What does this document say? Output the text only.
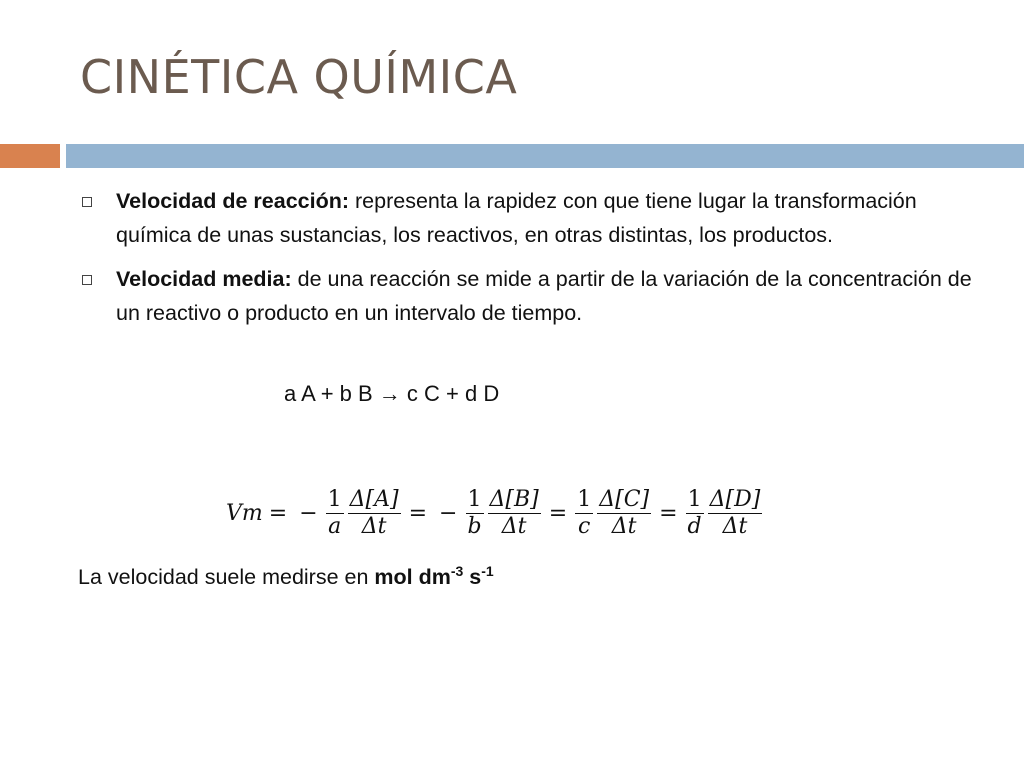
CINÉTICA QUÍMICA
Velocidad de reacción: representa la rapidez con que tiene lugar la transformación química de unas sustancias, los reactivos, en otras distintas, los productos.
Velocidad media: de una reacción se mide a partir de la variación de la concentración de un reactivo o producto en un intervalo de tiempo.
a A + b B → c C + d D
Vm = − $\frac{1}{a} \frac{\Delta[A]}{\Delta t}$ = − $\frac{1}{b} \frac{\Delta[B]}{\Delta t} = \frac{1}{c} \frac{\Delta[C]}{\Delta t} = \frac{1}{d} \frac{\Delta[D]}{\Delta t}$
La velocidad suele medirse en mol $dm^{-3}$ $s^{-1}$
